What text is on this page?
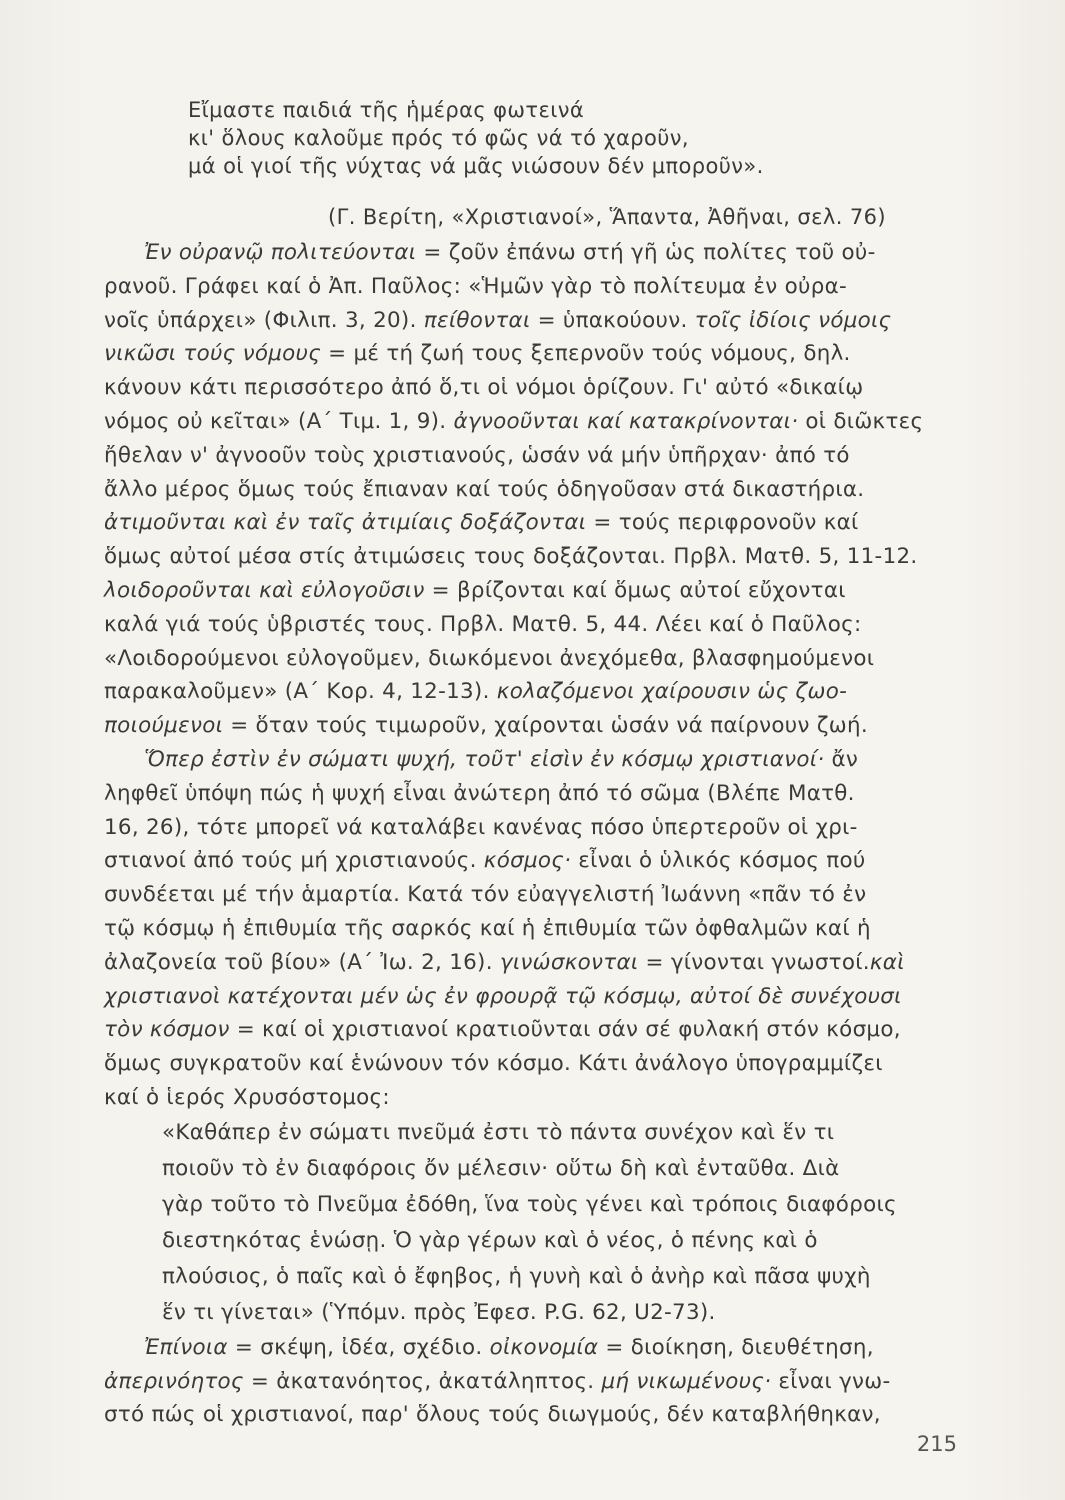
Εἴμαστε παιδιά τῆς ἡμέρας φωτεινά
κι' ὅλους καλοῦμε πρός τό φῶς νά τό χαροῦν,
μά οἱ γιοί τῆς νύχτας νά μᾶς νιώσουν δέν μποροῦν».
(Γ. Βερίτη, «Χριστιανοί», Ἅπαντα, Ἀθῆναι, σελ. 76)
Ἐν οὐρανῷ πολιτεύονται = ζοῦν ἐπάνω στή γῆ ὡς πολίτες τοῦ οὐ-
ρανοῦ. Γράφει καί ὁ Ἀπ. Παῦλος: «Ἡμῶν γὰρ τὸ πολίτευμα ἐν οὐρα-
νοῖς ὑπάρχει» (Φιλιπ. 3, 20). πείθονται = ὑπακούουν. τοῖς ἰδίοις νόμοις
νικῶσι τούς νόμους = μέ τή ζωή τους ξεπερνοῦν τούς νόμους, δηλ.
κάνουν κάτι περισσότερο ἀπό ὅ,τι οἱ νόμοι ὁρίζουν. Γι' αὐτό «δικαίῳ
νόμος οὐ κεῖται» (Α΄ Τιμ. 1, 9). ἀγνοοῦνται καί κατακρίνονται· οἱ διῶκτες
ἤθελαν ν' ἀγνοοῦν τοὺς χριστιανούς, ὡσάν νά μήν ὑπῆρχαν· ἀπό τό
ἄλλο μέρος ὅμως τούς ἔπιαναν καί τούς ὁδηγοῦσαν στά δικαστήρια.
ἀτιμοῦνται καὶ ἐν ταῖς ἀτιμίαις δοξάζονται = τούς περιφρονοῦν καί
ὅμως αὐτοί μέσα στίς ἀτιμώσεις τους δοξάζονται. Πρβλ. Ματθ. 5, 11-12.
λοιδοροῦνται καὶ εὐλογοῦσιν = βρίζονται καί ὅμως αὐτοί εὔχονται
καλά γιά τούς ὑβριστές τους. Πρβλ. Ματθ. 5, 44. Λέει καί ὁ Παῦλος:
«Λοιδορούμενοι εὐλογοῦμεν, διωκόμενοι ἀνεχόμεθα, βλασφημούμενοι
παρακαλοῦμεν» (Α΄ Κορ. 4, 12-13). κολαζόμενοι χαίρουσιν ὡς ζωο-
ποιούμενοι = ὅταν τούς τιμωροῦν, χαίρονται ὡσάν νά παίρνουν ζωή.
Ὅπερ ἐστὶν ἐν σώματι ψυχή, τοῦτ' εἰσὶν ἐν κόσμῳ χριστιανοί· ἄν
ληφθεῖ ὑπόψη πώς ἡ ψυχή εἶναι ἀνώτερη ἀπό τό σῶμα (Βλέπε Ματθ.
16, 26), τότε μπορεῖ νά καταλάβει κανένας πόσο ὑπερτεροῦν οἱ χρι-
στιανοί ἀπό τούς μή χριστιανούς. κόσμος· εἶναι ὁ ὑλικός κόσμος πού
συνδέεται μέ τήν ἁμαρτία. Κατά τόν εὐαγγελιστή Ἰωάννη «πᾶν τό ἐν
τῷ κόσμῳ ἡ ἐπιθυμία τῆς σαρκός καί ἡ ἐπιθυμία τῶν ὀφθαλμῶν καί ἡ
ἀλαζονεία τοῦ βίου» (Α΄ Ἰω. 2, 16). γινώσκονται = γίνονται γνωστοί.καὶ
χριστιανοὶ κατέχονται μέν ὡς ἐν φρουρᾷ τῷ κόσμῳ, αὐτοί δὲ συνέχουσι
τὸν κόσμον = καί οἱ χριστιανοί κρατιοῦνται σάν σέ φυλακή στόν κόσμο,
ὅμως συγκρατοῦν καί ἑνώνουν τόν κόσμο. Κάτι ἀνάλογο ὑπογραμμίζει
καί ὁ ἱερός Χρυσόστομος:
«Καθάπερ ἐν σώματι πνεῦμά ἐστι τὸ πάντα συνέχον καὶ ἕν τι
ποιοῦν τὸ ἐν διαφόροις ὄν μέλεσιν· οὕτω δὴ καὶ ἐνταῦθα. Διὰ
γὰρ τοῦτο τὸ Πνεῦμα ἐδόθη, ἵνα τοὺς γένει καὶ τρόποις διαφόροις
διεστηκότας ἑνώσῃ. Ὁ γὰρ γέρων καὶ ὁ νέος, ὁ πένης καὶ ὁ
πλούσιος, ὁ παῖς καὶ ὁ ἔφηβος, ἡ γυνὴ καὶ ὁ ἀνὴρ καὶ πᾶσα ψυχὴ
ἕν τι γίνεται» (Ὑπόμν. πρὸς Ἐφεσ. P.G. 62, U2-73).
Ἐπίνοια = σκέψη, ἰδέα, σχέδιο. οἰκονομία = διοίκηση, διευθέτηση,
ἀπερινόητος = ἀκατανόητος, ἀκατάληπτος. μή νικωμένους· εἶναι γνω-
στό πώς οἱ χριστιανοί, παρ' ὅλους τούς διωγμούς, δέν καταβλήθηκαν,
215
